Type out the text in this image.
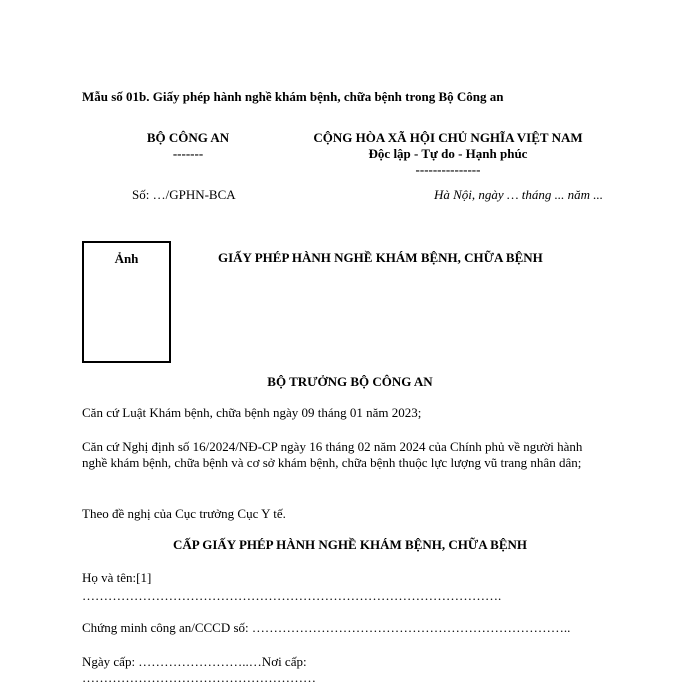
Mẫu số 01b. Giấy phép hành nghề khám bệnh, chữa bệnh trong Bộ Công an
BỘ CÔNG AN
-------
CỘNG HÒA XÃ HỘI CHỦ NGHĨA VIỆT NAM
Độc lập - Tự do - Hạnh phúc
---------------
Số: …/GPHN-BCA	Hà Nội, ngày … tháng ... năm ...
Ảnh	GIẤY PHÉP HÀNH NGHỀ KHÁM BỆNH, CHỮA BỆNH
BỘ TRƯỞNG BỘ CÔNG AN
Căn cứ Luật Khám bệnh, chữa bệnh ngày 09 tháng 01 năm 2023;
Căn cứ Nghị định số 16/2024/NĐ-CP ngày 16 tháng 02 năm 2024 của Chính phủ về người hành nghề khám bệnh, chữa bệnh và cơ sở khám bệnh, chữa bệnh thuộc lực lượng vũ trang nhân dân;
Theo đề nghị của Cục trưởng Cục Y tế.
CẤP GIẤY PHÉP HÀNH NGHỀ KHÁM BỆNH, CHỮA BỆNH
Họ và tên:[1]
…………………………………………………………………………………….
Chứng minh công an/CCCD số: ………………………………………………………………..
Ngày cấp: ……………………..…Nơi cấp:
………………………………………………
